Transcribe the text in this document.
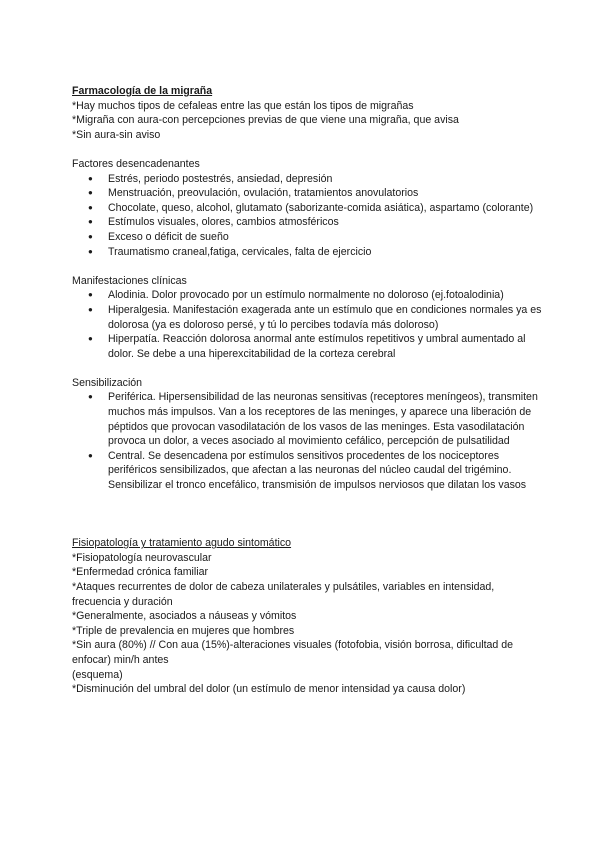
Farmacología de la migraña

*Hay muchos tipos de cefaleas entre las que están los tipos de migrañas

*Migraña con aura-con percepciones previas de que viene una migraña, que avisa

*Sin aura-sin aviso

Factores desencadenantes

● Estrés, periodo postestrés, ansiedad, depresión
● Menstruación, preovulación, ovulación, tratamientos anovulatorios
● Chocolate, queso, alcohol, glutamato (saborizante-comida asiática), aspartamo (colorante)
● Estímulos visuales, olores, cambios atmosféricos
● Exceso o déficit de sueño
● Traumatismo craneal,fatiga, cervicales, falta de ejercicio

Manifestaciones clínicas

● Alodinia. Dolor provocado por un estímulo normalmente no doloroso (ej.fotoalodinia)
● Hiperalgesia. Manifestación exagerada ante un estímulo que en condiciones normales ya es dolorosa (ya es doloroso persé, y tú lo percibes todavía más doloroso)
● Hiperpatía. Reacción dolorosa anormal ante estímulos repetitivos y umbral aumentado al dolor. Se debe a una hiperexcitabilidad de la corteza cerebral

Sensibilización

● Periférica. Hipersensibilidad de las neuronas sensitivas (receptores meníngeos), transmiten muchos más impulsos. Van a los receptores de las meninges, y aparece una liberación de péptidos que provocan vasodilatación de los vasos de las meninges. Esta vasodilatación provoca un dolor, a veces asociado al movimiento cefálico, percepción de pulsatilidad
● Central. Se desencadena por estímulos sensitivos procedentes de los nociceptores periféricos sensibilizados, que afectan a las neuronas del núcleo caudal del trigémino. Sensibilizar el tronco encefálico, transmisión de impulsos nerviosos que dilatan los vasos

Fisiopatología y tratamiento agudo sintomático

*Fisiopatología neurovascular

*Enfermedad crónica familiar

*Ataques recurrentes de dolor de cabeza unilaterales y pulsátiles, variables en intensidad, frecuencia y duración

*Generalmente, asociados a náuseas y vómitos

*Triple de prevalencia en mujeres que hombres

*Sin aura (80%) // Con aua (15%)-alteraciones visuales (fotofobia, visión borrosa, dificultad de enfocar) min/h antes

(esquema)

*Disminución del umbral del dolor (un estímulo de menor intensidad ya causa dolor)
